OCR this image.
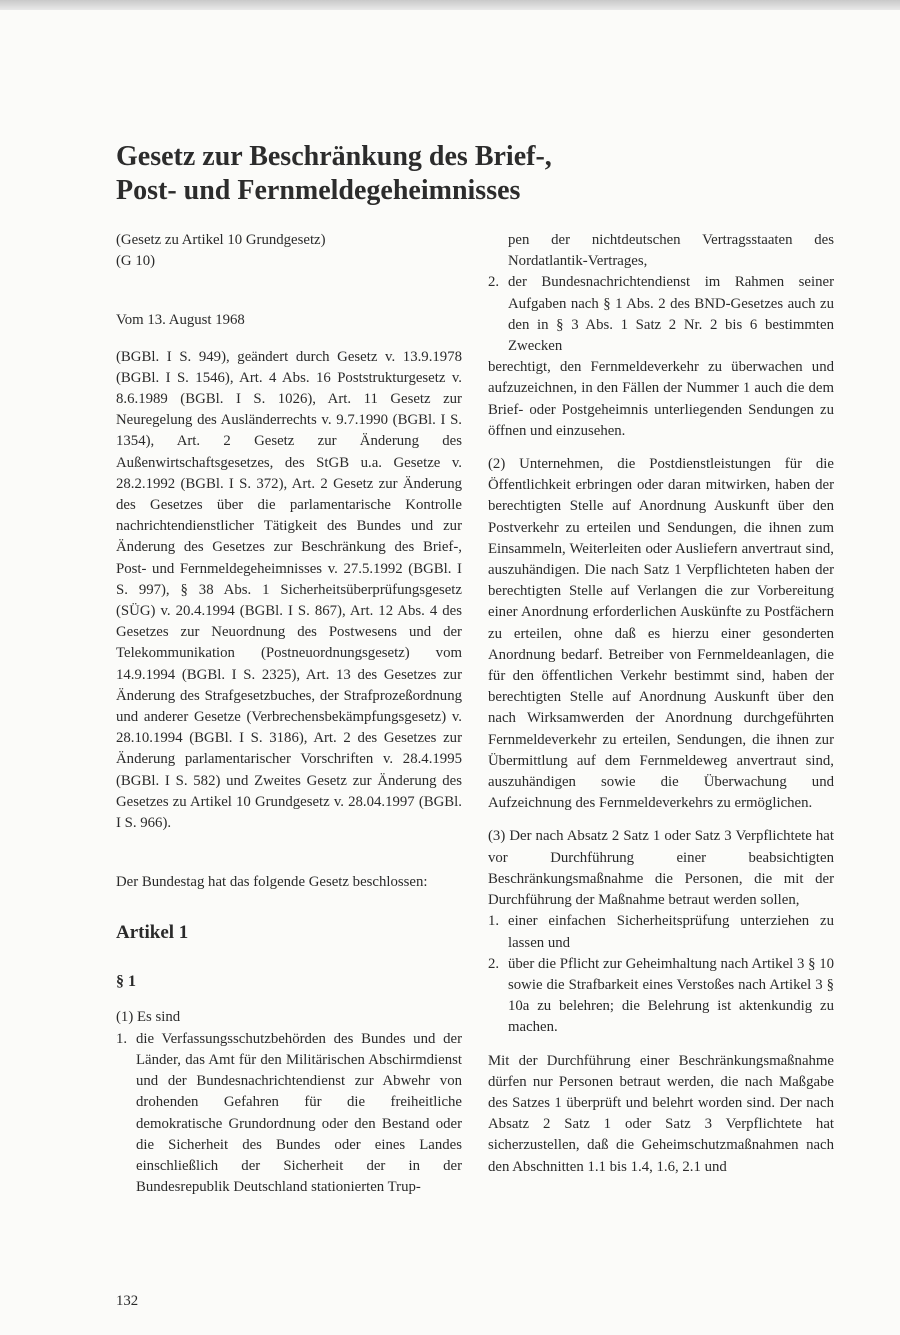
Gesetz zur Beschränkung des Brief-,
Post- und Fernmeldegeheimnisses

(Gesetz zu Artikel 10 Grundgesetz)

(G 10)

Vom 13. August 1968

(BGBl. I S. 949), geändert durch Gesetz v. 13.9.1978 (BGBl. I S. 1546), Art. 4 Abs. 16 Poststrukturgesetz v. 8.6.1989 (BGBl. I S. 1026), Art. 11 Gesetz zur Neuregelung des Ausländerrechts v. 9.7.1990 (BGBl. I S. 1354), Art. 2 Gesetz zur Änderung des Außenwirtschaftsgesetzes, des StGB u.a. Gesetze v. 28.2.1992 (BGBl. I S. 372), Art. 2 Gesetz zur Änderung des Gesetzes über die parlamentarische Kontrolle nachrichtendienstlicher Tätigkeit des Bundes und zur Änderung des Gesetzes zur Beschränkung des Brief-, Post- und Fernmeldegeheimnisses v. 27.5.1992 (BGBl. I S. 997), § 38 Abs. 1 Sicherheitsüberprüfungsgesetz (SÜG) v. 20.4.1994 (BGBl. I S. 867), Art. 12 Abs. 4 des Gesetzes zur Neuordnung des Postwesens und der Telekommunikation (Postneuordnungsgesetz) vom 14.9.1994 (BGBl. I S. 2325), Art. 13 des Gesetzes zur Änderung des Strafgesetzbuches, der Strafprozeßordnung und anderer Gesetze (Verbrechensbekämpfungsgesetz) v. 28.10.1994 (BGBl. I S. 3186), Art. 2 des Gesetzes zur Änderung parlamentarischer Vorschriften v. 28.4.1995 (BGBl. I S. 582) und Zweites Gesetz zur Änderung des Gesetzes zu Artikel 10 Grundgesetz v. 28.04.1997 (BGBl. I S. 966).

Der Bundestag hat das folgende Gesetz beschlossen:

Artikel 1

§ 1

(1) Es sind

1. die Verfassungsschutzbehörden des Bundes und der Länder, das Amt für den Militärischen Abschirmdienst und der Bundesnachrichtendienst zur Abwehr von drohenden Gefahren für die freiheitliche demokratische Grundordnung oder den Bestand oder die Sicherheit des Bundes oder eines Landes einschließlich der Sicherheit der in der Bundesrepublik Deutschland stationierten Trup-

pen der nichtdeutschen Vertragsstaaten des Nordatlantik-Vertrages,

2. der Bundesnachrichtendienst im Rahmen seiner Aufgaben nach § 1 Abs. 2 des BND-Gesetzes auch zu den in § 3 Abs. 1 Satz 2 Nr. 2 bis 6 bestimmten Zwecken

berechtigt, den Fernmeldeverkehr zu überwachen und aufzuzeichnen, in den Fällen der Nummer 1 auch die dem Brief- oder Postgeheimnis unterliegenden Sendungen zu öffnen und einzusehen.

(2) Unternehmen, die Postdienstleistungen für die Öffentlichkeit erbringen oder daran mitwirken, haben der berechtigten Stelle auf Anordnung Auskunft über den Postverkehr zu erteilen und Sendungen, die ihnen zum Einsammeln, Weiterleiten oder Ausliefern anvertraut sind, auszuhändigen. Die nach Satz 1 Verpflichteten haben der berechtigten Stelle auf Verlangen die zur Vorbereitung einer Anordnung erforderlichen Auskünfte zu Postfächern zu erteilen, ohne daß es hierzu einer gesonderten Anordnung bedarf. Betreiber von Fernmeldeanlagen, die für den öffentlichen Verkehr bestimmt sind, haben der berechtigten Stelle auf Anordnung Auskunft über den nach Wirksamwerden der Anordnung durchgeführten Fernmeldeverkehr zu erteilen, Sendungen, die ihnen zur Übermittlung auf dem Fernmeldeweg anvertraut sind, auszuhändigen sowie die Überwachung und Aufzeichnung des Fernmeldeverkehrs zu ermöglichen.

(3) Der nach Absatz 2 Satz 1 oder Satz 3 Verpflichtete hat vor Durchführung einer beabsichtigten Beschränkungsmaßnahme die Personen, die mit der Durchführung der Maßnahme betraut werden sollen,

1. einer einfachen Sicherheitsprüfung unterziehen zu lassen und
2. über die Pflicht zur Geheimhaltung nach Artikel 3 § 10 sowie die Strafbarkeit eines Verstoßes nach Artikel 3 § 10a zu belehren; die Belehrung ist aktenkundig zu machen.

Mit der Durchführung einer Beschränkungsmaßnahme dürfen nur Personen betraut werden, die nach Maßgabe des Satzes 1 überprüft und belehrt worden sind. Der nach Absatz 2 Satz 1 oder Satz 3 Verpflichtete hat sicherzustellen, daß die Geheimschutzmaßnahmen nach den Abschnitten 1.1 bis 1.4, 1.6, 2.1 und

132
